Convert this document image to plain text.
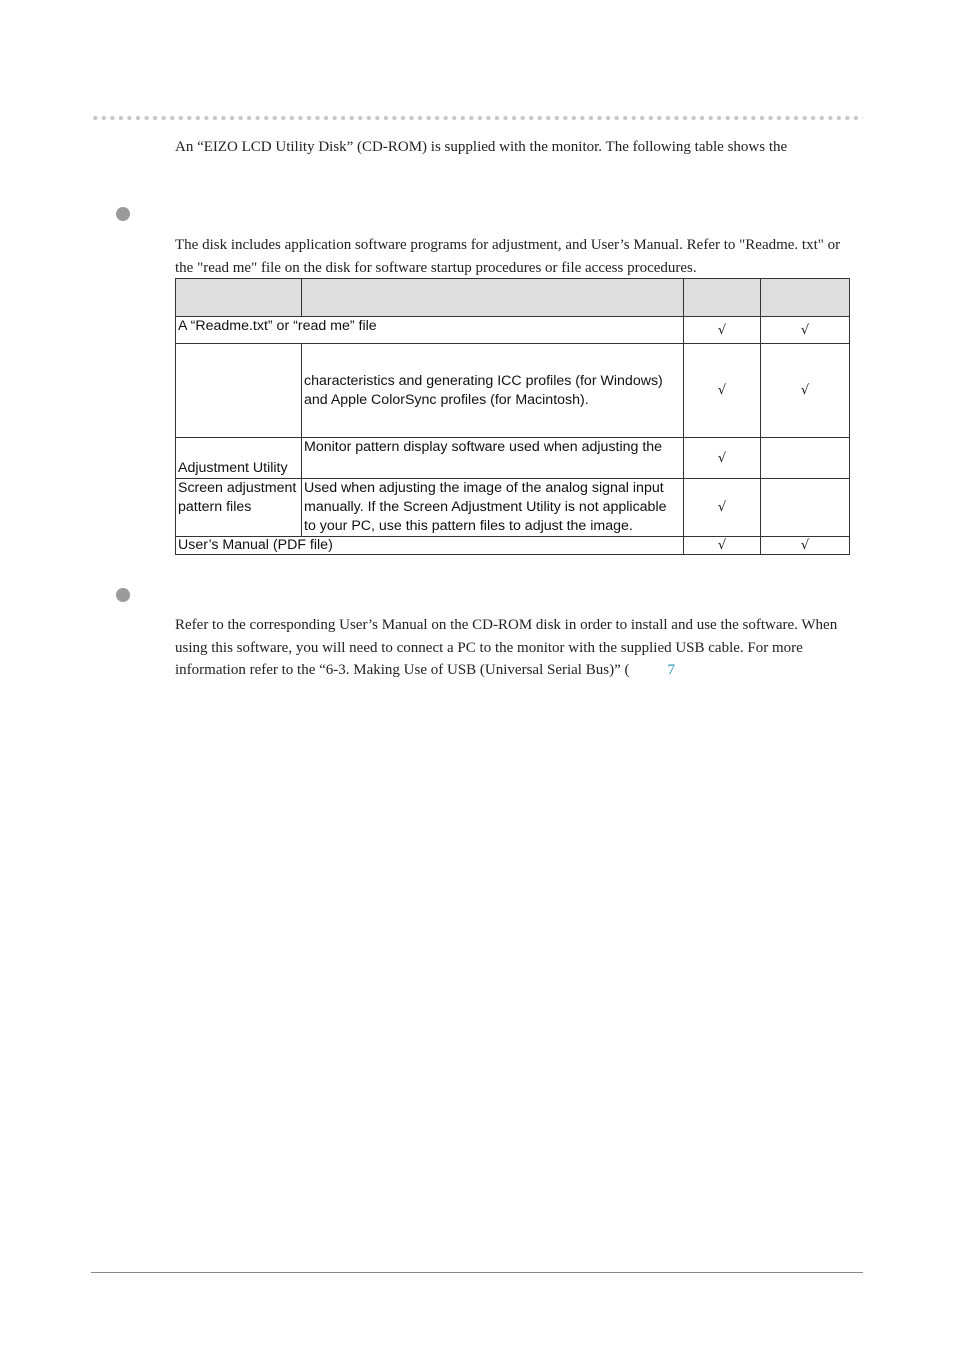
An “EIZO LCD Utility Disk” (CD-ROM) is supplied with the monitor. The following table shows the

The disk includes application software programs for adjustment, and User’s Manual. Refer to "Readme. txt" or the "read me" file on the disk for software startup procedures or file access procedures.

A “Readme.txt” or “read me” file		√	√
	characteristics and generating ICC profiles (for Windows) and Apple ColorSync profiles (for Macintosh).	√	√
Adjustment Utility	Monitor pattern display software used when adjusting the	√	
Screen adjustment pattern files	Used when adjusting the image of the analog signal input manually. If the Screen Adjustment Utility is not applicable to your PC, use this pattern files to adjust the image.	√	
User’s Manual (PDF file)		√	√

Refer to the corresponding User’s Manual on the CD-ROM disk in order to install and use the software. When using this software, you will need to connect a PC to the monitor with the supplied USB cable. For more information refer to the “6-3. Making Use of USB (Universal Serial Bus)” (	7
